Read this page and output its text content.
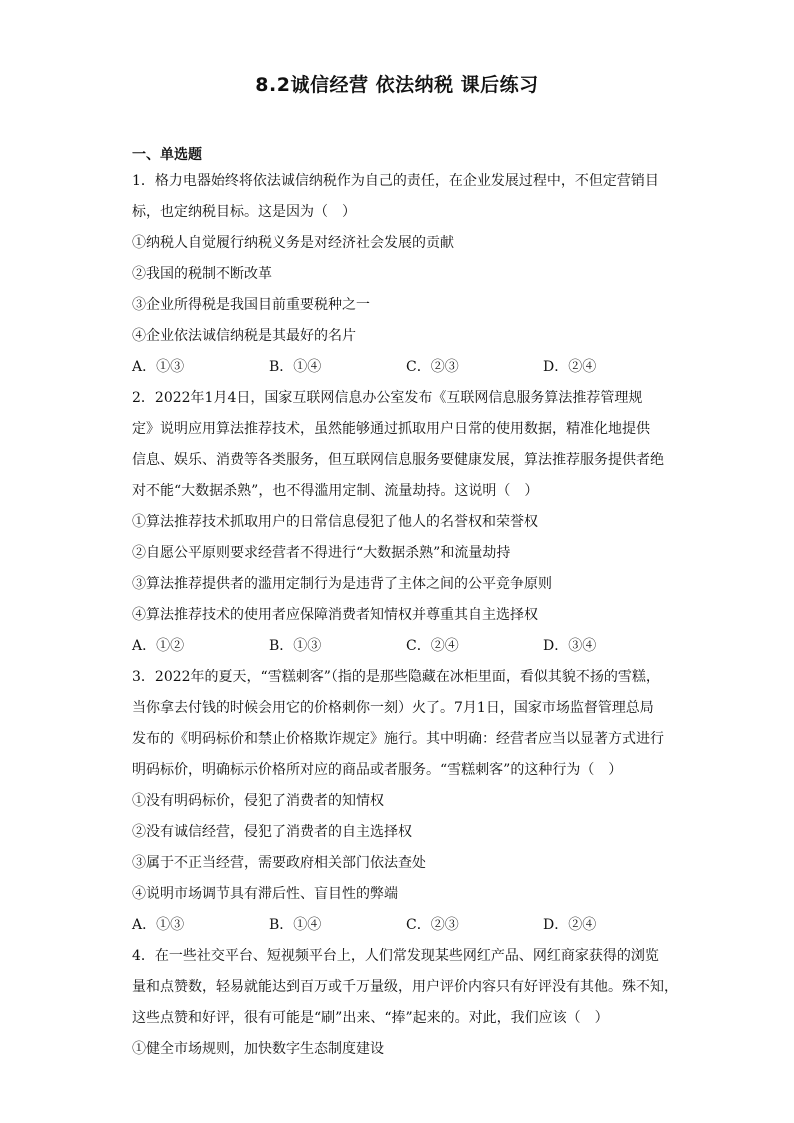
8.2诚信经营 依法纳税 课后练习
一、单选题
1．格力电器始终将依法诚信纳税作为自己的责任，在企业发展过程中，不但定营销目
标，也定纳税目标。这是因为（　）
①纳税人自觉履行纳税义务是对经济社会发展的贡献
②我国的税制不断改革
③企业所得税是我国目前重要税种之一
④企业依法诚信纳税是其最好的名片
A．①③	B．①④	C．②③	D．②④
2．2022年1月4日，国家互联网信息办公室发布《互联网信息服务算法推荐管理规
定》说明应用算法推荐技术，虽然能够通过抓取用户日常的使用数据，精准化地提供
信息、娱乐、消费等各类服务，但互联网信息服务要健康发展，算法推荐服务提供者绝
对不能“大数据杀熟”，也不得滥用定制、流量劫持。这说明（　）
①算法推荐技术抓取用户的日常信息侵犯了他人的名誉权和荣誉权
②自愿公平原则要求经营者不得进行“大数据杀熟”和流量劫持
③算法推荐提供者的滥用定制行为是违背了主体之间的公平竞争原则
④算法推荐技术的使用者应保障消费者知情权并尊重其自主选择权
A．①②	B．①③	C．②④	D．③④
3．2022年的夏天，“雪糕刺客”（指的是那些隐藏在冰柜里面，看似其貌不扬的雪糕，
当你拿去付钱的时候会用它的价格刺你一刻）火了。7月1日，国家市场监督管理总局
发布的《明码标价和禁止价格欺诈规定》施行。其中明确：经营者应当以显著方式进行
明码标价，明确标示价格所对应的商品或者服务。“雪糕刺客”的这种行为（　）
①没有明码标价，侵犯了消费者的知情权
②没有诚信经营，侵犯了消费者的自主选择权
③属于不正当经营，需要政府相关部门依法查处
④说明市场调节具有滞后性、盲目性的弊端
A．①③	B．①④	C．②③	D．②④
4．在一些社交平台、短视频平台上，人们常发现某些网红产品、网红商家获得的浏览
量和点赞数，轻易就能达到百万或千万量级，用户评价内容只有好评没有其他。殊不知，
这些点赞和好评，很有可能是“刷”出来、“捧”起来的。对此，我们应该（　）
①健全市场规则，加快数字生态制度建设
